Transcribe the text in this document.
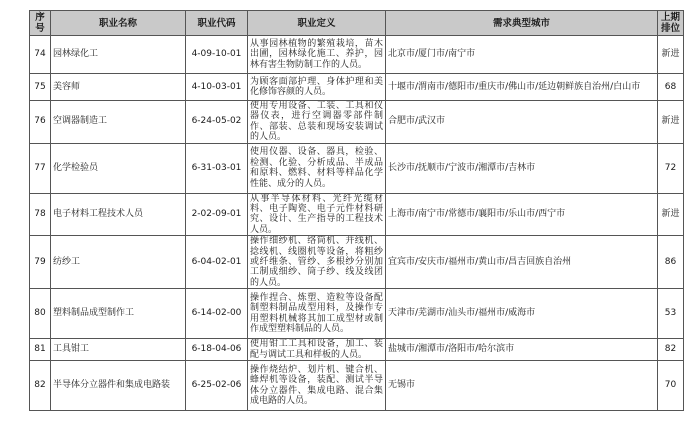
序号	职业名称	职业代码	职业定义	需求典型城市	上期排位
74	园林绿化工	4-09-10-01	从事园林植物的繁殖栽培，苗木出圃，园林绿化施工、养护，园林有害生物防制工作的人员。	北京市/厦门市/南宁市	新进
75	美容师	4-10-03-01	为顾客面部护理、身体护理和美化修饰容颜的人员。	十堰市/渭南市/德阳市/重庆市/佛山市/延边朝鲜族自治州/白山市	68
76	空调器制造工	6-24-05-02	使用专用设备、工装、工具和仪器仪表，进行空调器零部件制作、部装、总装和现场安装调试的人员。	合肥市/武汉市	新进
77	化学检验员	6-31-03-01	使用仪器、设备、器具，检验、检测、化验、分析成品、半成品和原料、燃料、材料等样品化学性能、成分的人员。	长沙市/抚顺市/宁波市/湘潭市/吉林市	72
78	电子材料工程技术人员	2-02-09-01	从事半导体材料、光纤光缆材料、电子陶瓷、电子元件材料研究、设计、生产指导的工程技术人员。	上海市/南宁市/常德市/襄阳市/乐山市/西宁市	新进
79	纺纱工	6-04-02-01	操作细纱机、络筒机、并线机、捻线机、线圈机等设备，将粗纱或纤维条、管纱、多根纱分别加工制成细纱、筒子纱、线及线团的人员。	宜宾市/安庆市/福州市/黄山市/昌吉回族自治州	86
80	塑料制品成型制作工	6-14-02-00	操作捏合、炼塑、造粒等设备配制塑料制品成型用料，及操作专用塑料机械将其加工成型材或制作成型塑料制品的人员。	天津市/芜湖市/汕头市/福州市/威海市	53
81	工具钳工	6-18-04-06	使用钳工工具和设备，加工、装配与调试工具和样板的人员。	盐城市/湘潭市/洛阳市/哈尔滨市	82
82	半导体分立器件和集成电路装	6-25-02-06	操作烧结炉、划片机、键合机、蜂焊机等设备，装配、测试半导体分立器件、集成电路、混合集成电路的人员。	无锡市	70
